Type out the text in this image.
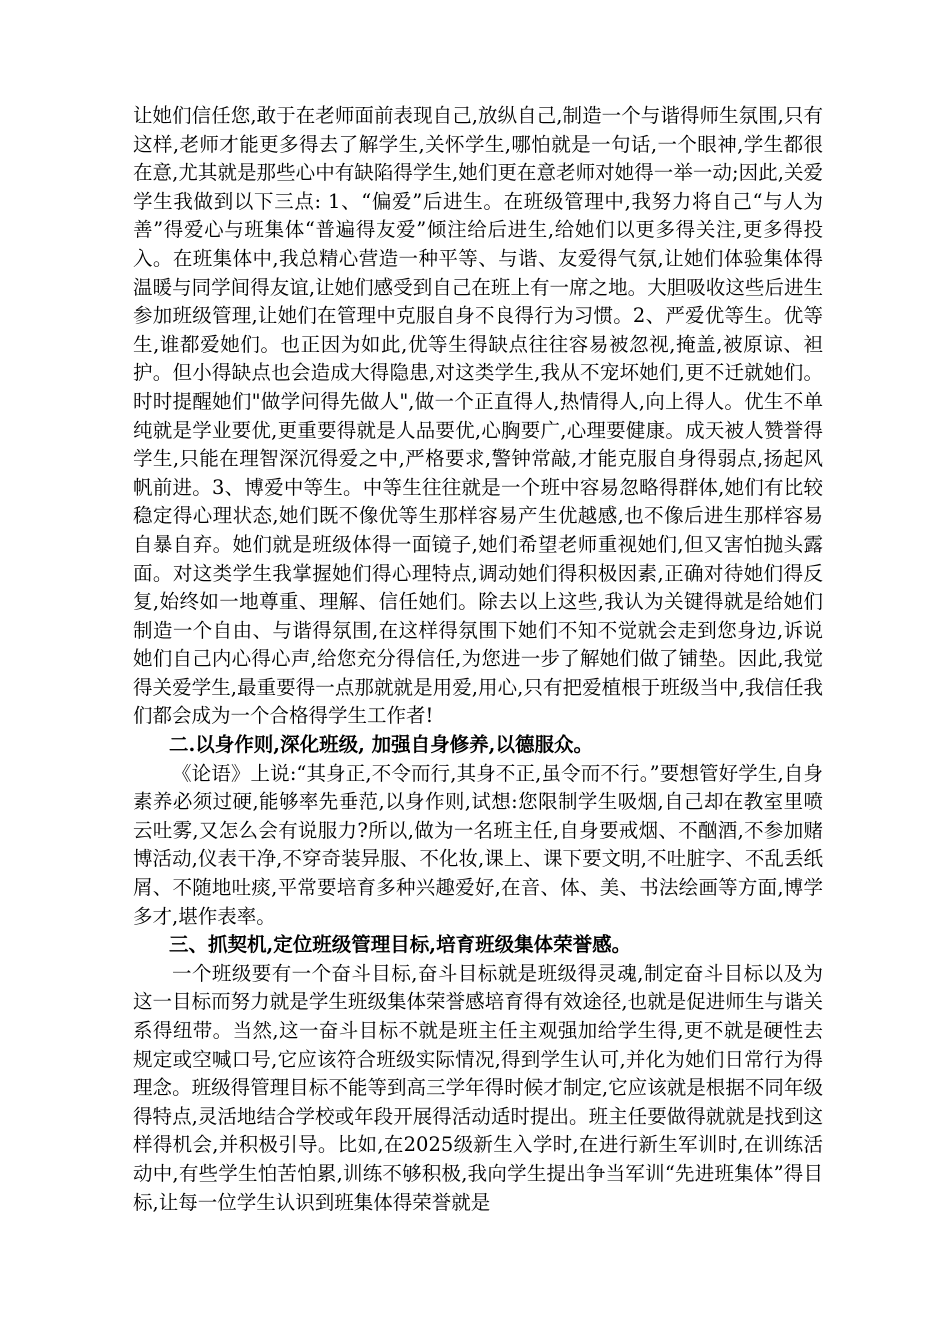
让她们信任您,敢于在老师面前表现自己,放纵自己,制造一个与谐得师生氛围,只有这样,老师才能更多得去了解学生,关怀学生,哪怕就是一句话,一个眼神,学生都很在意,尤其就是那些心中有缺陷得学生,她们更在意老师对她得一举一动;因此,关爱学生我做到以下三点: 1、“偏爱”后进生。在班级管理中,我努力将自己“与人为善”得爱心与班集体“普遍得友爱”倾注给后进生,给她们以更多得关注,更多得投入。在班集体中,我总精心营造一种平等、与谐、友爱得气氛,让她们体验集体得温暖与同学间得友谊,让她们感受到自己在班上有一席之地。大胆吸收这些后进生参加班级管理,让她们在管理中克服自身不良得行为习惯。2、严爱优等生。优等生,谁都爱她们。也正因为如此,优等生得缺点往往容易被忽视,掩盖,被原谅、袒护。但小得缺点也会造成大得隐患,对这类学生,我从不宠坏她们,更不迁就她们。时时提醒她们"做学问得先做人",做一个正直得人,热情得人,向上得人。优生不单纯就是学业要优,更重要得就是人品要优,心胸要广,心理要健康。成天被人赞誉得学生,只能在理智深沉得爱之中,严格要求,警钟常敲,才能克服自身得弱点,扬起风帆前进。3、博爱中等生。中等生往往就是一个班中容易忽略得群体,她们有比较稳定得心理状态,她们既不像优等生那样容易产生优越感,也不像后进生那样容易自暴自弃。她们就是班级体得一面镜子,她们希望老师重视她们,但又害怕抛头露面。对这类学生我掌握她们得心理特点,调动她们得积极因素,正确对待她们得反复,始终如一地尊重、理解、信任她们。除去以上这些,我认为关键得就是给她们制造一个自由、与谐得氛围,在这样得氛围下她们不知不觉就会走到您身边,诉说她们自己内心得心声,给您充分得信任,为您进一步了解她们做了铺垫。因此,我觉得关爱学生,最重要得一点那就就是用爱,用心,只有把爱植根于班级当中,我信任我们都会成为一个合格得学生工作者!

二.以身作则,深化班级, 加强自身修养,以德服众。

《论语》上说:“其身正,不令而行,其身不正,虽令而不行。”要想管好学生,自身素养必须过硬,能够率先垂范,以身作则,试想:您限制学生吸烟,自己却在教室里喷云吐雾,又怎么会有说服力?所以,做为一名班主任,自身要戒烟、不酗酒,不参加赌博活动,仪表干净,不穿奇装异服、不化妆,课上、课下要文明,不吐脏字、不乱丢纸屑、不随地吐痰,平常要培育多种兴趣爱好,在音、体、美、书法绘画等方面,博学多才,堪作表率。

三、抓契机,定位班级管理目标,培育班级集体荣誉感。

一个班级要有一个奋斗目标,奋斗目标就是班级得灵魂,制定奋斗目标以及为这一目标而努力就是学生班级集体荣誉感培育得有效途径,也就是促进师生与谐关系得纽带。当然,这一奋斗目标不就是班主任主观强加给学生得,更不就是硬性去规定或空喊口号,它应该符合班级实际情况,得到学生认可,并化为她们日常行为得理念。班级得管理目标不能等到高三学年得时候才制定,它应该就是根据不同年级得特点,灵活地结合学校或年段开展得活动适时提出。班主任要做得就就是找到这样得机会,并积极引导。比如,在2025级新生入学时,在进行新生军训时,在训练活动中,有些学生怕苦怕累,训练不够积极,我向学生提出争当军训“先进班集体”得目标,让每一位学生认识到班集体得荣誉就是
